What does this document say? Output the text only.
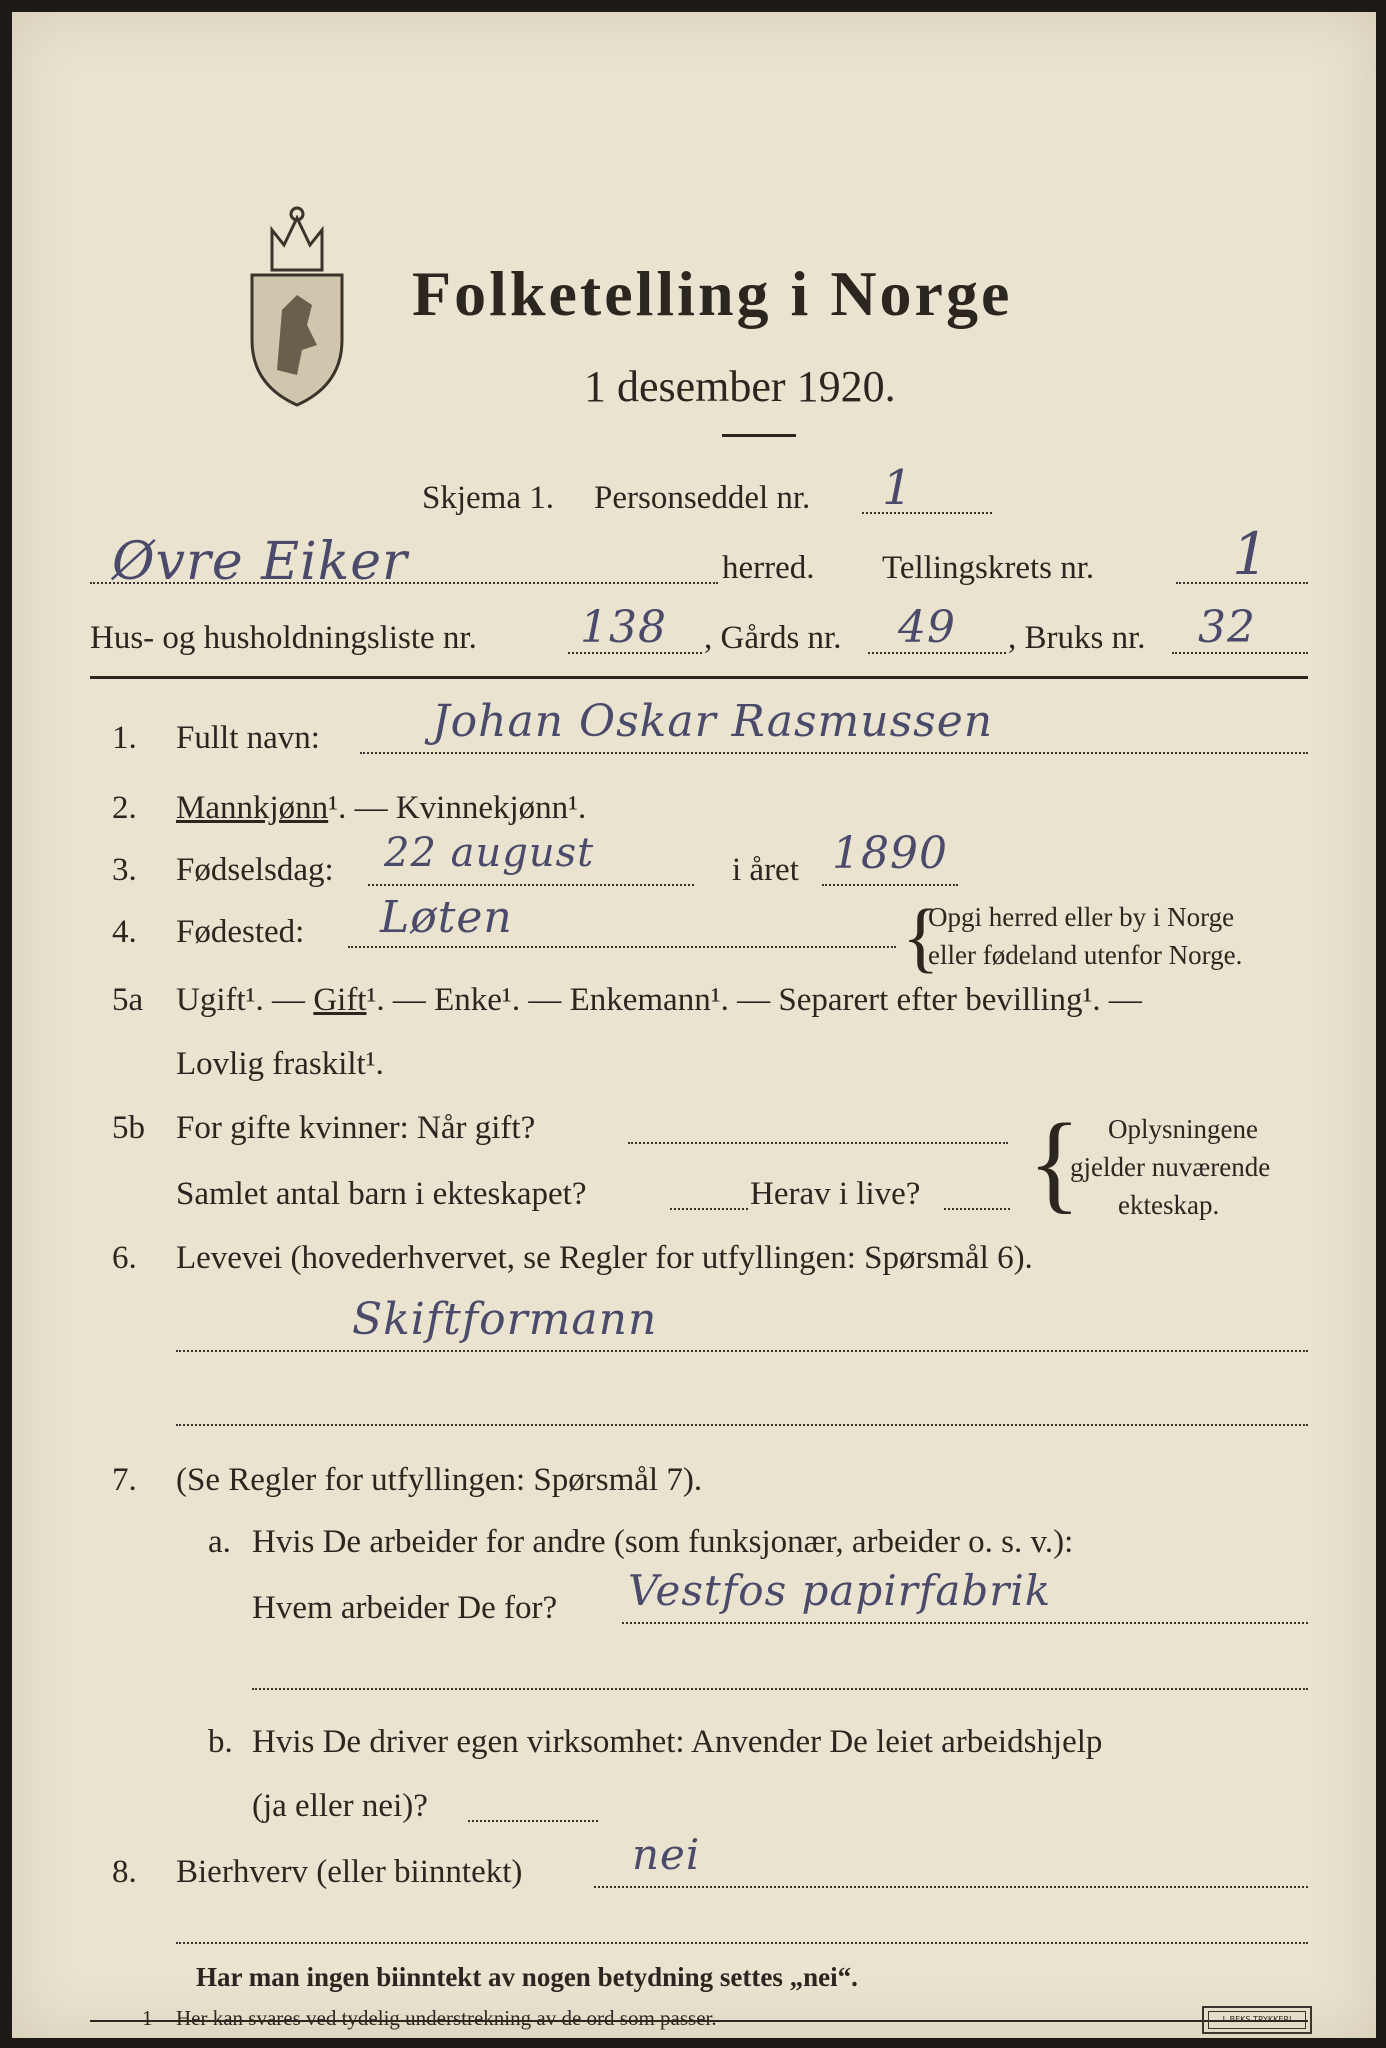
Folketelling i Norge
1 desember 1920.
Skjema 1. Personseddel nr. 1
Øvre Eiker	herred. Tellingskrets nr. 1
Hus- og husholdningsliste nr. 138 , Gårds nr. 49 , Bruks nr. 32
1. Fullt navn:	Johan Oskar Rasmussen
2. Mannkjønn¹. — Kvinnekjønn¹.
3. Fødselsdag: 22 august	i året 1890
4. Fødested: Løten	{
Opgi herred eller by i Norge
eller fødeland utenfor Norge.
5a Ugift¹. — Gift¹. — Enke¹. — Enkemann¹. — Separert efter bevilling¹. —
Lovlig fraskilt¹.
5b For gifte kvinner: Når gift?
Samlet antal barn i ekteskapet?	Herav i live? { Oplysningene
gjelder nuværende
ekteskap.
6. Levevei (hovederhvervet, se Regler for utfyllingen: Spørsmål 6).
Skiftformann
7. (Se Regler for utfyllingen: Spørsmål 7).
a. Hvis De arbeider for andre (som funksjonær, arbeider o. s. v.):
Hvem arbeider De for? Vestfos papirfabrik
b. Hvis De driver egen virksomhet: Anvender De leiet arbeidshjelp
(ja eller nei)?
8. Bierhverv (eller biinntekt)	nei
Har man ingen biinntekt av nogen betydning settes „nei“.
1 Her kan svares ved tydelig understrekning av de ord som passer.	L.BEKS TRYKKERI
